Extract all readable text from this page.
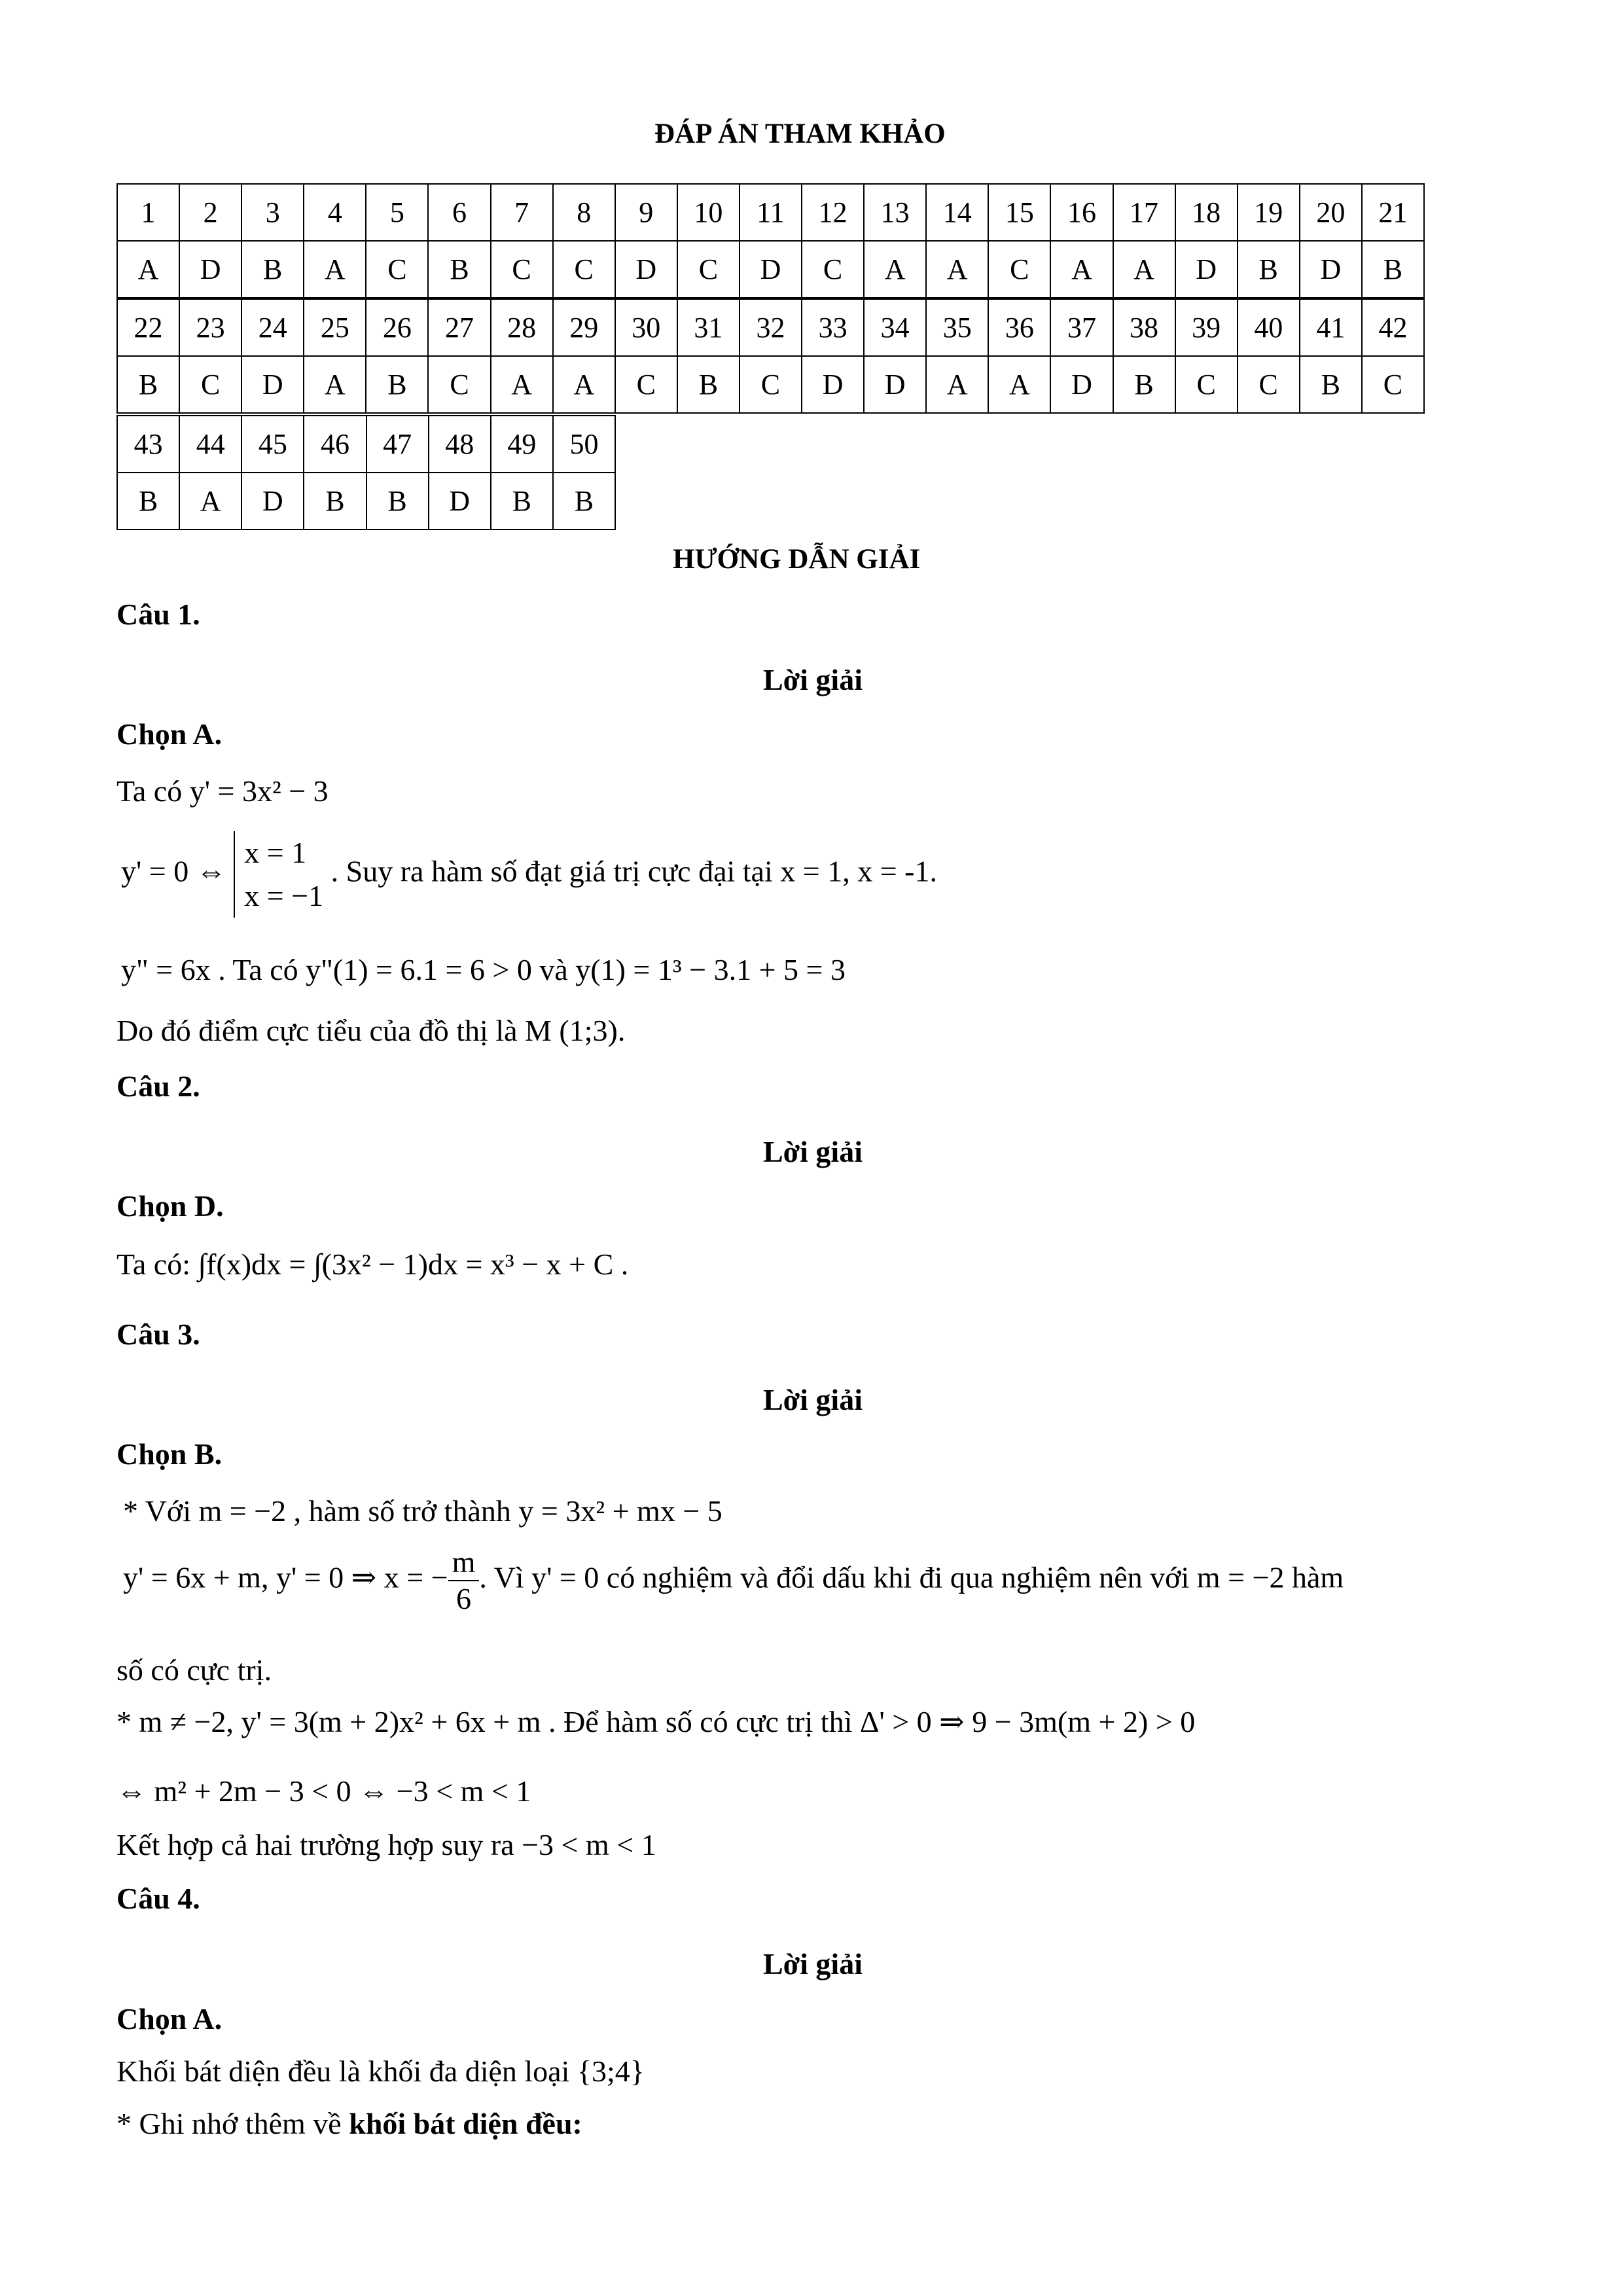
ĐÁP ÁN THAM KHẢO
1	2	3	4	5	6	7	8	9	10	11	12	13	14	15	16	17	18	19	20	21
A	D	B	A	C	B	C	C	D	C	D	C	A	A	C	A	A	D	B	D	B
22	23	24	25	26	27	28	29	30	31	32	33	34	35	36	37	38	39	40	41	42
B	C	D	A	B	C	A	A	C	B	C	D	D	A	A	D	B	C	C	B	C
43	44	45	46	47	48	49	50
B	A	D	B	B	D	B	B
HƯỚNG DẪN GIẢI
Câu 1.
Lời giải
Chọn A.
Ta có y' = 3x² − 3
y' = 0 ⇔
x = 1
x = −1
. Suy ra hàm số đạt giá trị cực đại tại x = 1, x = -1.
y" = 6x . Ta có y"(1) = 6.1 = 6 > 0 và y(1) = 1³ − 3.1 + 5 = 3
Do đó điểm cực tiểu của đồ thị là M (1;3).
Câu 2.
Lời giải
Chọn D.
Ta có: ∫f(x)dx = ∫(3x² − 1)dx = x³ − x + C .
Câu 3.
Lời giải
Chọn B.
* Với m = −2 , hàm số trở thành y = 3x² + mx − 5
y' = 6x + m, y' = 0 ⇒ x = − $\frac{m}{6}$ . Vì y' = 0 có nghiệm và đổi dấu khi đi qua nghiệm nên với m = −2 hàm
số có cực trị.
* m ≠ −2, y' = 3(m + 2)x² + 6x + m . Để hàm số có cực trị thì Δ' > 0 ⇒ 9 − 3m(m + 2) > 0
⇔ m² + 2m − 3 < 0 ⇔ −3 < m < 1
Kết hợp cả hai trường hợp suy ra −3 < m < 1
Câu 4.
Lời giải
Chọn A.
Khối bát diện đều là khối đa diện loại {3;4}
* Ghi nhớ thêm về khối bát diện đều:
